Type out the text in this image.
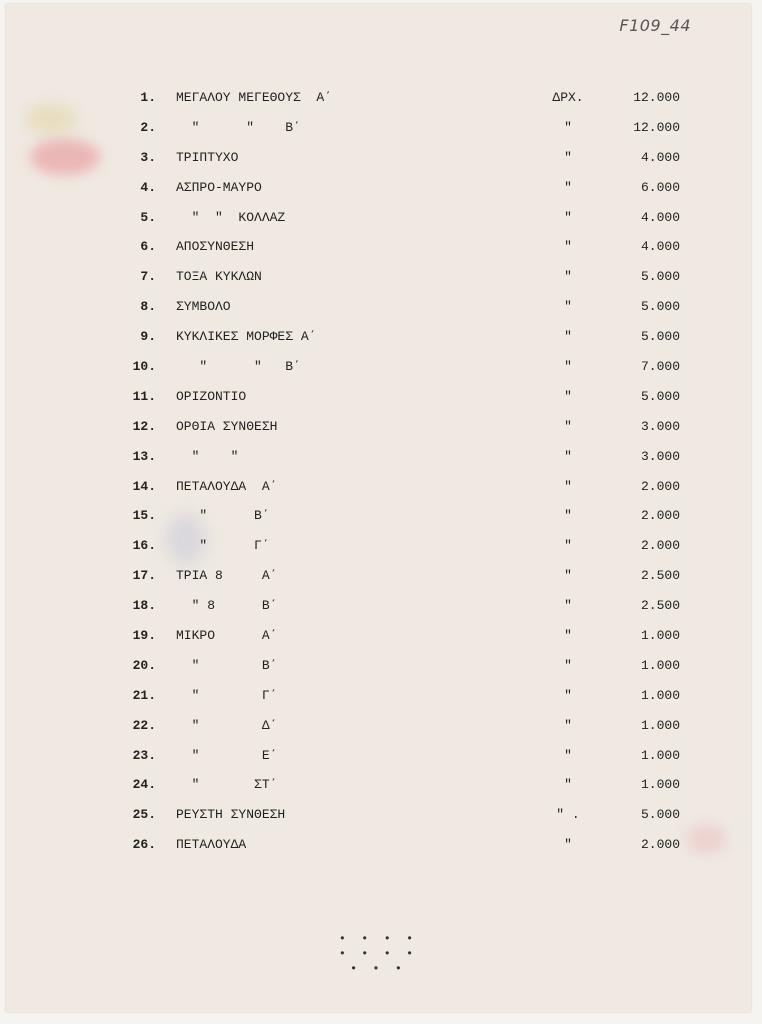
F109_44
1. ΜΕΓΑΛΟΥ ΜΕΓΕΘΟΥΣ  Α΄	ΔΡΧ.	12.000
2. "      "    Β΄	"	12.000
3. ΤΡΙΠΤΥΧΟ	"	4.000
4. ΑΣΠΡΟ-ΜΑΥΡΟ	"	6.000
5. "  "  ΚΟΛΛΑΖ	"	4.000
6. ΑΠΟΣΥΝΘΕΣΗ	"	4.000
7. ΤΟΞΑ ΚΥΚΛΩΝ	"	5.000
8. ΣΥΜΒΟΛΟ	"	5.000
9. ΚΥΚΛΙΚΕΣ ΜΟΡΦΕΣ Α΄	"	5.000
10. "      "   Β΄	"	7.000
11. ΟΡΙΖΟΝΤΙΟ	"	5.000
12. ΟΡΘΙΑ ΣΥΝΘΕΣΗ	"	3.000
13. "    "	"	3.000
14. ΠΕΤΑΛΟΥΔΑ  Α΄	"	2.000
15. "      Β΄	"	2.000
16. "      Γ΄	"	2.000
17. ΤΡΙΑ 8     Α΄	"	2.500
18. " 8      Β΄	"	2.500
19. ΜΙΚΡΟ      Α΄	"	1.000
20. "        Β΄	"	1.000
21. "        Γ΄	"	1.000
22. "        Δ΄	"	1.000
23. "        Ε΄	"	1.000
24. "       ΣΤ΄	"	1.000
25. ΡΕΥΣΤΗ ΣΥΝΘΕΣΗ	" .	5.000
26. ΠΕΤΑΛΟΥΔΑ	"	2.000
• • • •
• • • •
• • •
